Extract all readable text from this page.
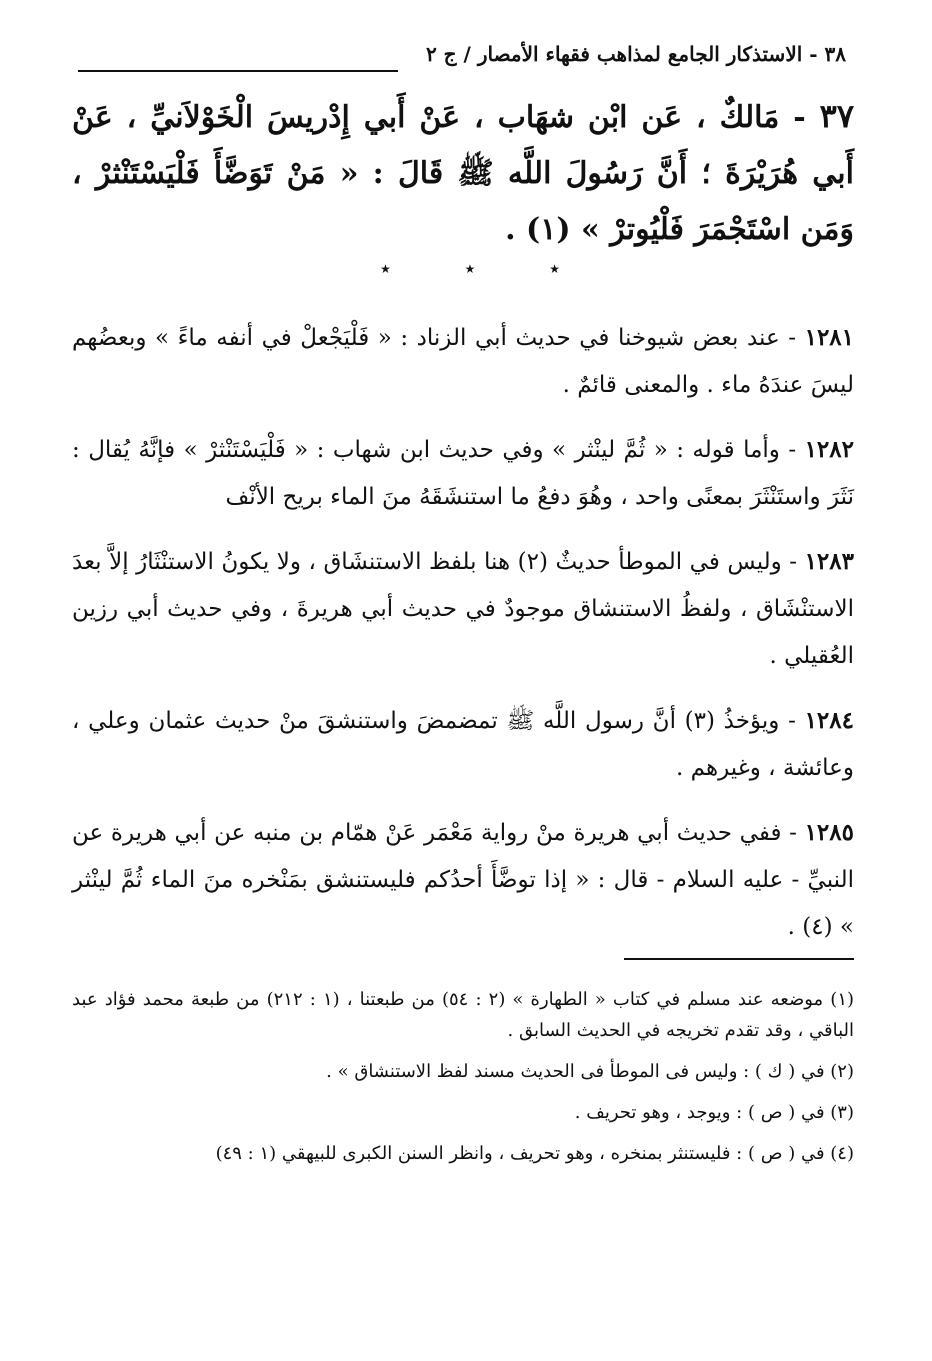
٣٨ - الاستذكار الجامع لمذاهب فقهاء الأمصار / ج ٢
٣٧ - مَالكٌ ، عَن ابْن شهَاب ، عَنْ أَبي إِدْريسَ الْخَوْلاَنيِّ ، عَنْ أَبي هُرَيْرَةَ ؛ أَنَّ رَسُولَ اللَّه ﷺ قَالَ : « مَنْ تَوَضَّأَ فَلْيَسْتَنْثرْ ، وَمَن اسْتَجْمَرَ فَلْيُوترْ » (١) .
٭	٭	٭

١٢٨١ - عند بعض شيوخنا في حديث أبي الزناد : « فَلْيَجْعلْ في أنفه ماءً » وبعضُهم ليسَ عندَهُ ماء . والمعنى قائمٌ .

١٢٨٢ - وأما قوله : « ثُمَّ لينْثر » وفي حديث ابن شهاب : « فَلْيَسْتَنْثرْ » فإنَّهُ يُقال : نَثَرَ واستَنْثَرَ بمعنًى واحد ، وهُوَ دفعُ ما استنشَقَهُ منَ الماء بريح الأنْف

١٢٨٣ - وليس في الموطأ حديثٌ (٢) هنا بلفظ الاستنشَاق ، ولا يكونُ الاستنْثَارُ إلاَّ بعدَ الاستنْشَاق ، ولفظُ الاستنشاق موجودٌ في حديث أبي هريرةَ ، وفي حديث أبي رزين العُقيلي .

١٢٨٤ - ويؤخذُ (٣) أنَّ رسول اللَّه ﷺ تمضمضَ واستنشقَ منْ حديث عثمان وعلي ، وعائشة ، وغيرهم .

١٢٨٥ - ففي حديث أبي هريرة منْ رواية مَعْمَر عَنْ همّام بن منبه عن أبي هريرة عن النبيِّ - عليه السلام - قال : « إذا توضَّأَ أحدُكم فليستنشق بمَنْخره منَ الماء ثُمَّ لينْثر » (٤) .

(١) موضعه عند مسلم في كتاب « الطهارة » (٢ : ٥٤) من طبعتنا ، (١ : ٢١٢) من طبعة محمد فؤاد عبد الباقي ، وقد تقدم تخريجه في الحديث السابق .

(٢) في ( ك ) : وليس فى الموطأ فى الحديث مسند لفظ الاستنشاق » .

(٣) في ( ص ) : ويوجد ، وهو تحريف .

(٤) في ( ص ) : فليستنثر بمنخره ، وهو تحريف ، وانظر السنن الكبرى للبيهقي (١ : ٤٩)
